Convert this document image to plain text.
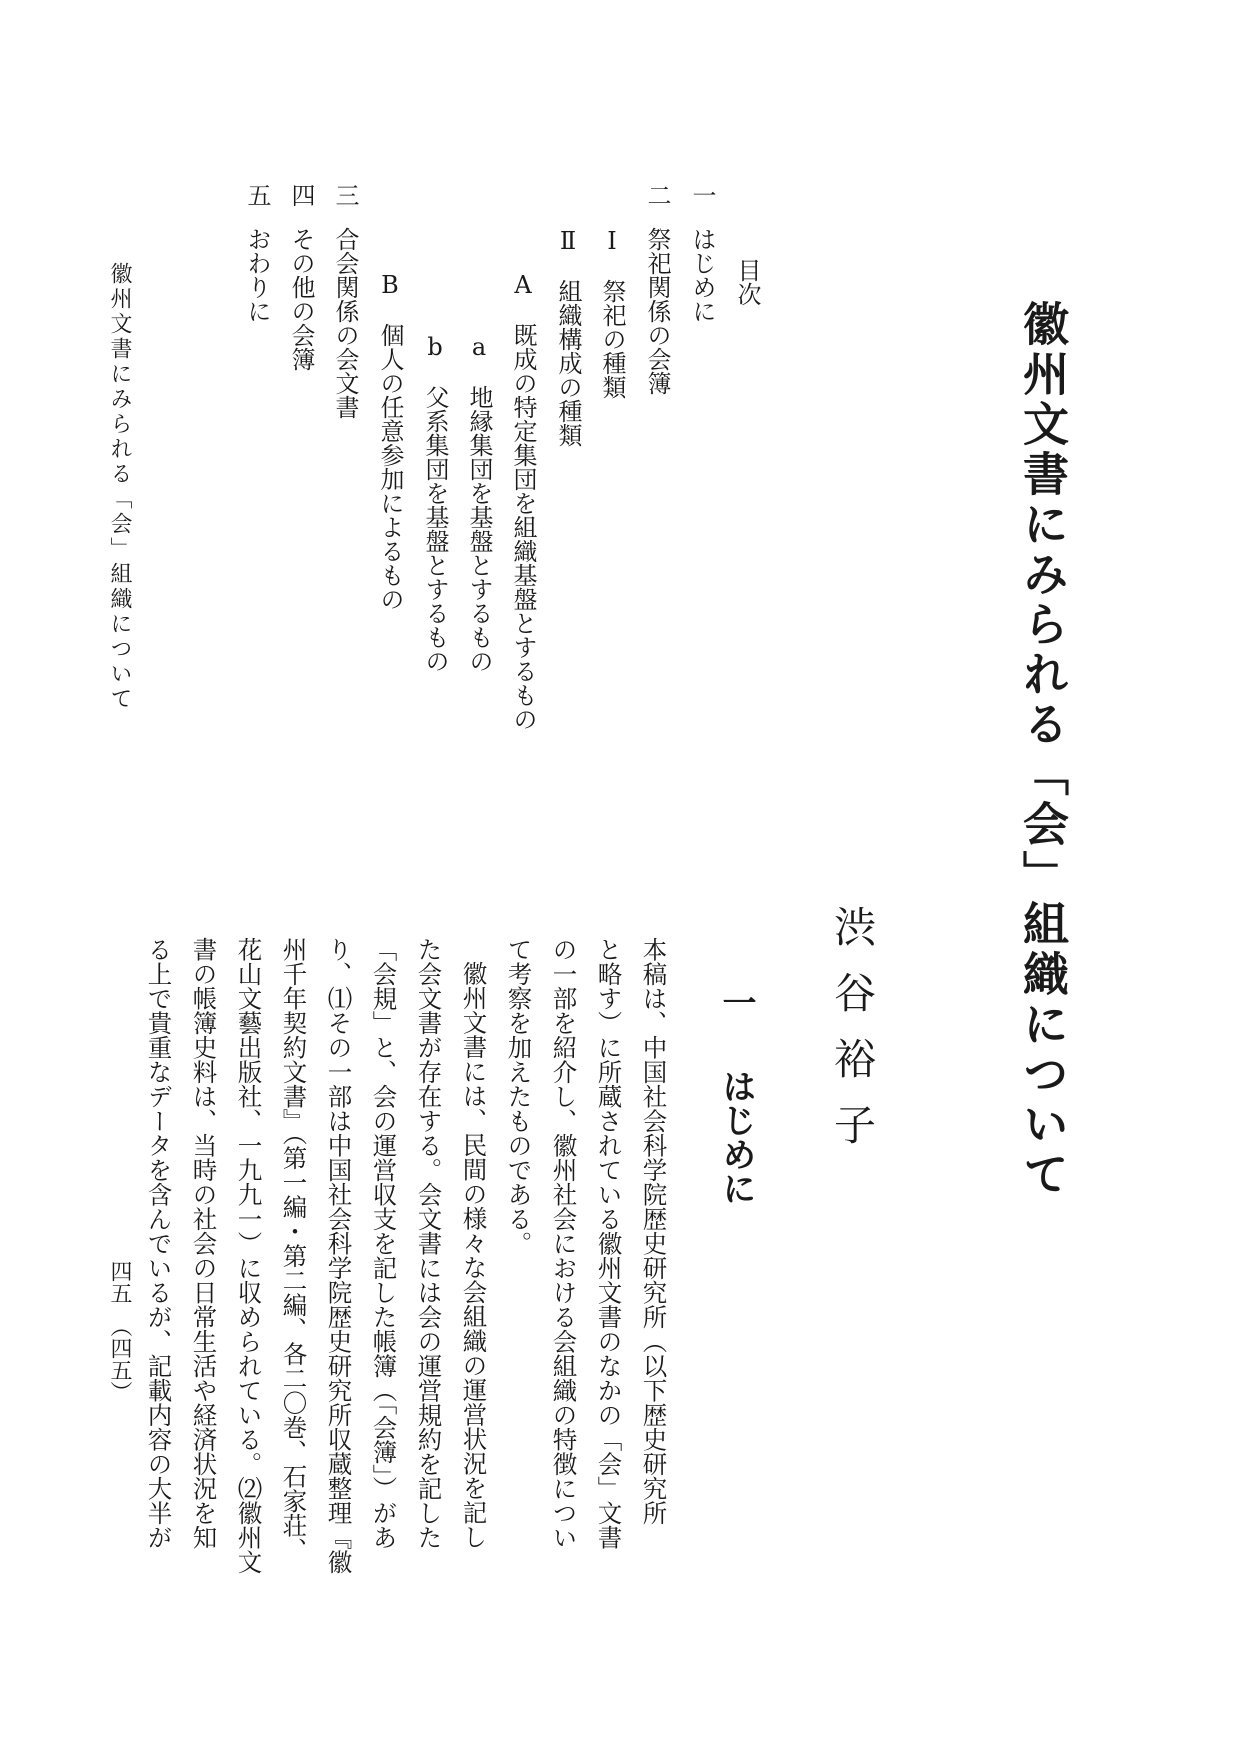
徽州文書にみられる「会」組織について
渋谷裕子
一はじめに
目次
一はじめに
二祭祀関係の会簿
Ⅰ　祭祀の種類
Ⅱ　組織構成の種類
A　既成の特定集団を組織基盤とするもの
a　地縁集団を基盤とするもの
b　父系集団を基盤とするもの
B　個人の任意参加によるもの
三合会関係の会文書
四その他の会簿
五おわりに

本稿は、中国社会科学院歴史研究所（以下歴史研究所

と略す）に所蔵されている徽州文書のなかの「会」文書

の一部を紹介し、徽州社会における会組織の特徴につい

て考察を加えたものである。

徽州文書には、民間の様々な会組織の運営状況を記し

た会文書が存在する。会文書には会の運営規約を記した

「会規」と、会の運営収支を記した帳簿（「会簿」）があ

り、⑴その一部は中国社会科学院歴史研究所収蔵整理『徽

州千年契約文書』（第一編・第二編、各二〇巻、石家荘、

花山文藝出版社、一九九一）に収められている。⑵徽州文

書の帳簿史料は、当時の社会の日常生活や経済状況を知

る上で貴重なデータを含んでいるが、記載内容の大半が

徽州文書にみられる「会」組織について
四五　（四五）
